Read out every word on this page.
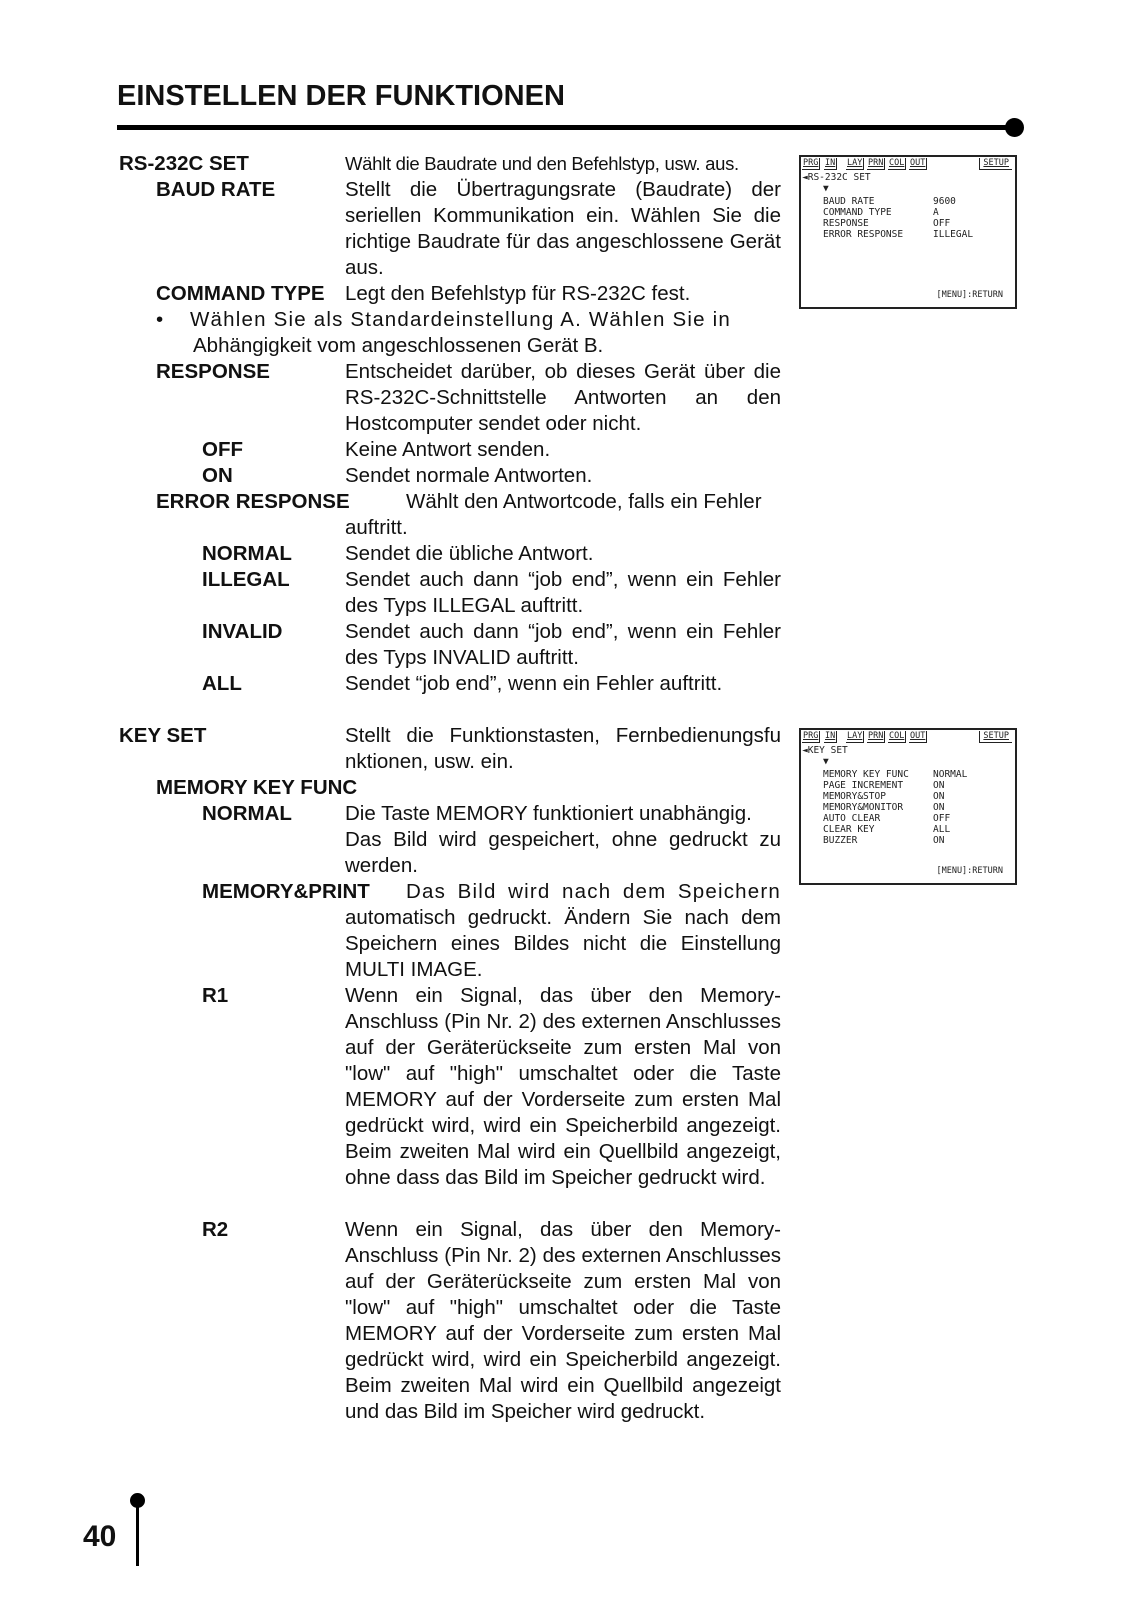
EINSTELLEN DER FUNKTIONEN
RS-232C SET	Wählt die Baudrate und den Befehlstyp, usw. aus.
BAUD RATE	Stellt die Übertragungsrate (Baudrate) der seriellen Kommunikation ein. Wählen Sie die richtige Baudrate für das angeschlossene Gerät aus.
COMMAND TYPE Legt den Befehlstyp für RS-232C fest.
• Wählen Sie als Standardeinstellung A. Wählen Sie in
Abhängigkeit vom angeschlossenen Gerät B.
RESPONSE	Entscheidet darüber, ob dieses Gerät über die RS-232C-Schnittstelle Antworten an den Hostcomputer sendet oder nicht.
OFF	Keine Antwort senden.
ON	Sendet normale Antworten.
ERROR RESPONSE	Wählt den Antwortcode, falls ein Fehler
auftritt.
NORMAL	Sendet die übliche Antwort.
ILLEGAL	Sendet auch dann “job end”, wenn ein Fehler des Typs ILLEGAL auftritt.
INVALID	Sendet auch dann “job end”, wenn ein Fehler des Typs INVALID auftritt.
ALL	Sendet “job end”, wenn ein Fehler auftritt.
KEY SET	Stellt die Funktionstasten, Fernbedienungsfu nktionen, usw. ein.
MEMORY KEY FUNC
NORMAL	Die Taste MEMORY funktioniert unabhängig.
Das Bild wird gespeichert, ohne gedruckt zu werden.
MEMORY&PRINT Das Bild wird nach dem Speichern
automatisch gedruckt. Ändern Sie nach dem Speichern eines Bildes nicht die Einstellung MULTI IMAGE.
R1	Wenn ein Signal, das über den Memory-Anschluss (Pin Nr. 2) des externen Anschlusses auf der Geräterückseite zum ersten Mal von "low" auf "high" umschaltet oder die Taste MEMORY auf der Vorderseite zum ersten Mal gedrückt wird, wird ein Speicherbild angezeigt. Beim zweiten Mal wird ein Quellbild angezeigt, ohne dass das Bild im Speicher gedruckt wird.
R2	Wenn ein Signal, das über den Memory-Anschluss (Pin Nr. 2) des externen Anschlusses auf der Geräterückseite zum ersten Mal von "low" auf "high" umschaltet oder die Taste MEMORY auf der Vorderseite zum ersten Mal gedrückt wird, wird ein Speicherbild angezeigt. Beim zweiten Mal wird ein Quellbild angezeigt und das Bild im Speicher wird gedruckt.
PRG IN LAY PRN COL OUT	SETUP
◄RS-232C SET
▼
BAUD RATE	9600
COMMAND TYPE	A
RESPONSE	OFF
ERROR RESPONSE	ILLEGAL
[MENU]:RETURN
PRG IN LAY PRN COL OUT	SETUP
◄KEY SET
▼
MEMORY KEY FUNC	NORMAL
PAGE INCREMENT	ON
MEMORY&STOP	ON
MEMORY&MONITOR	ON
AUTO CLEAR	OFF
CLEAR KEY	ALL
BUZZER	ON
[MENU]:RETURN
40
